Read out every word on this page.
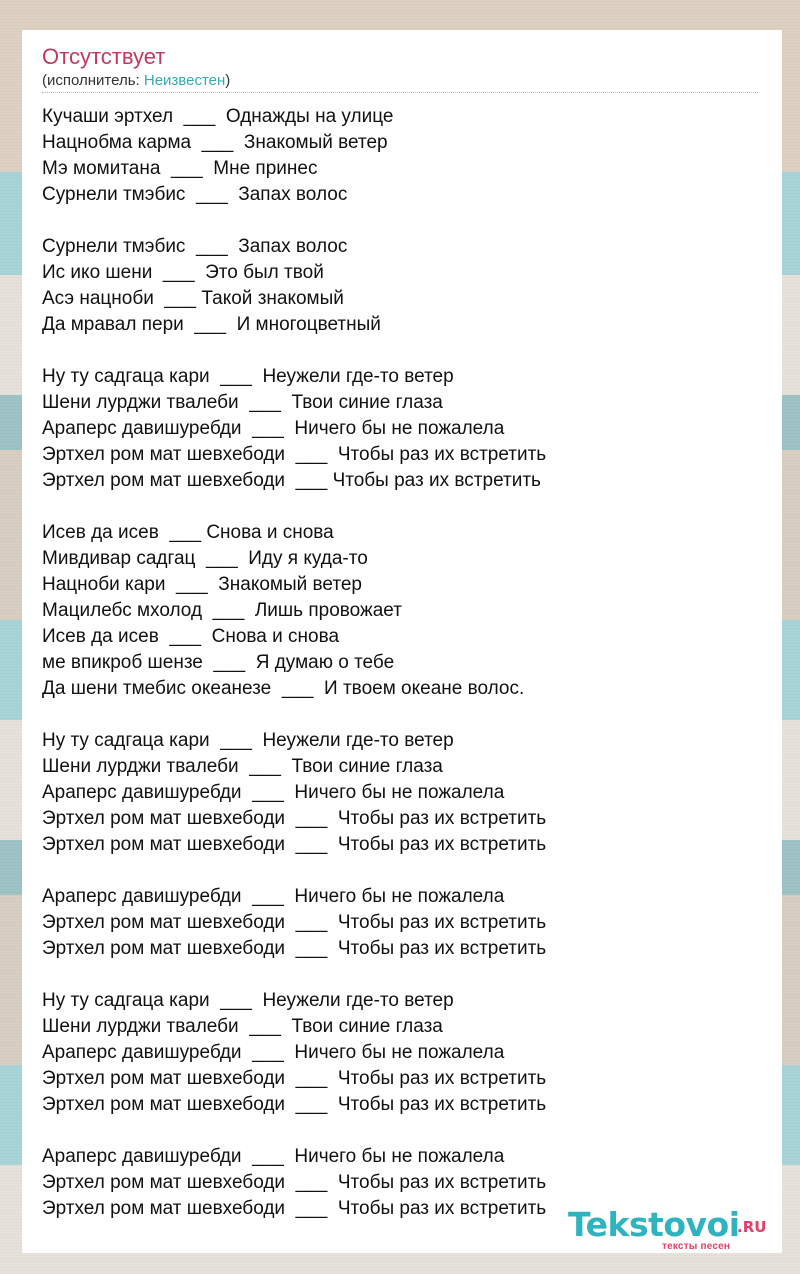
Отсутствует
(исполнитель: Неизвестен)
Кучаши эртхел  ___  Однажды на улице
Нацнобма карма  ___  Знакомый ветер
Мэ момитана  ___  Мне принес
Сурнели тмэбис  ___  Запах волос
Сурнели тмэбис  ___  Запах волос
Ис ико шени  ___  Это был твой
Асэ нацноби  ___ Такой знакомый
Да мравал пери  ___  И многоцветный
Ну ту садгаца кари  ___  Неужели где-то ветер
Шени лурджи твалеби  ___  Твои синие глаза
Араперс давишуребди  ___  Ничего бы не пожалела
Эртхел ром мат шевхебоди  ___  Чтобы раз их встретить
Эртхел ром мат шевхебоди  ___ Чтобы раз их встретить
Исев да исев  ___ Снова и снова
Мивдивар садгац  ___  Иду я куда-то
Нацноби кари  ___  Знакомый ветер
Мацилебс мхолод  ___  Лишь провожает
Исев да исев  ___  Снова и снова
ме впикроб шензе  ___  Я думаю о тебе
Да шени тмебис океанезе  ___  И твоем океане волос.
Ну ту садгаца кари  ___  Неужели где-то ветер
Шени лурджи твалеби  ___  Твои синие глаза
Араперс давишуребди  ___  Ничего бы не пожалела
Эртхел ром мат шевхебоди  ___  Чтобы раз их встретить
Эртхел ром мат шевхебоди  ___  Чтобы раз их встретить
Араперс давишуребди  ___  Ничего бы не пожалела
Эртхел ром мат шевхебоди  ___  Чтобы раз их встретить
Эртхел ром мат шевхебоди  ___  Чтобы раз их встретить
Ну ту садгаца кари  ___  Неужели где-то ветер
Шени лурджи твалеби  ___  Твои синие глаза
Араперс давишуребди  ___  Ничего бы не пожалела
Эртхел ром мат шевхебоди  ___  Чтобы раз их встретить
Эртхел ром мат шевхебоди  ___  Чтобы раз их встретить
Араперс давишуребди  ___  Ничего бы не пожалела
Эртхел ром мат шевхебоди  ___  Чтобы раз их встретить
Эртхел ром мат шевхебоди  ___  Чтобы раз их встретить Tekstovoi
.RU
тексты песен
